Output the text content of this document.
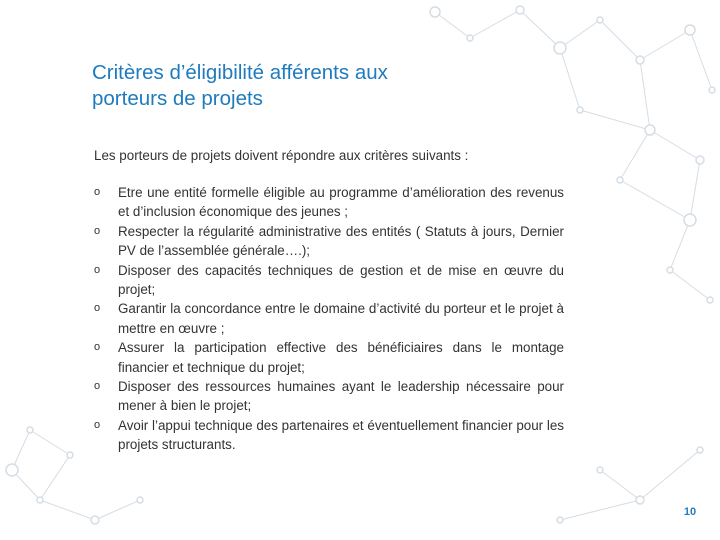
Critères d’éligibilité afférents aux
porteurs de projets

Les porteurs de projets doivent répondre aux critères suivants :

o Etre une entité formelle éligible au programme d’amélioration des revenus et d’inclusion économique des jeunes ;
o Respecter la régularité administrative des entités ( Statuts à jours, Dernier PV de l’assemblée générale….);
o Disposer des capacités techniques de gestion et de mise en œuvre du projet;
o Garantir la concordance entre le domaine d’activité du porteur et le projet à mettre en œuvre ;
o Assurer la participation effective des bénéficiaires dans le montage financier et technique du projet;
o Disposer des ressources humaines ayant le leadership nécessaire pour mener à bien le projet;
o Avoir l’appui technique des partenaires et éventuellement financier pour les projets structurants.
10
